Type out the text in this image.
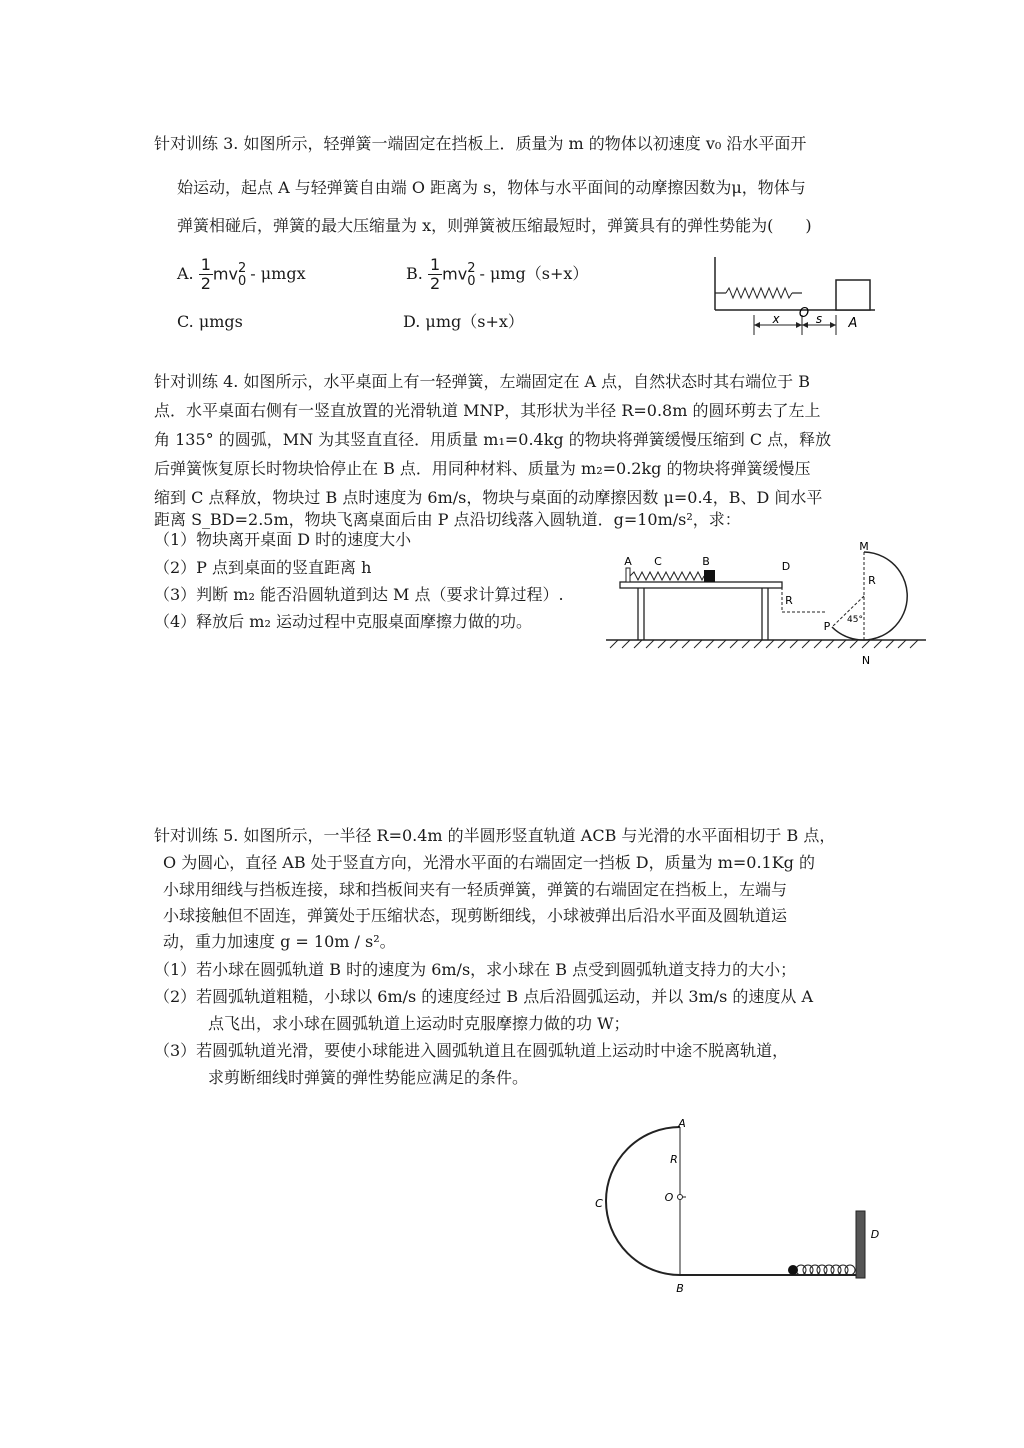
针对训练 3. 如图所示，轻弹簧一端固定在挡板上．质量为 m 的物体以初速度 v₀ 沿水平面开
始运动，起点 A 与轻弹簧自由端 O 距离为 s，物体与水平面间的动摩擦因数为μ，物体与
弹簧相碰后，弹簧的最大压缩量为 x，则弹簧被压缩最短时，弹簧具有的弹性势能为(　　)
A. $\frac{1}{2}$ mv 2
0 - μmgx	B. $\frac{1}{2}$ mv 2
0 - μmg（s+x）
C. μmgs	D. μmg（s+x）	x O s A
针对训练 4. 如图所示，水平桌面上有一轻弹簧，左端固定在 A 点，自然状态时其右端位于 B
点．水平桌面右侧有一竖直放置的光滑轨道 MNP，其形状为半径 R=0.8m 的圆环剪去了左上
角 135° 的圆弧，MN 为其竖直直径．用质量 m₁=0.4kg 的物块将弹簧缓慢压缩到 C 点，释放
后弹簧恢复原长时物块恰停止在 B 点．用同种材料、质量为 m₂=0.2kg 的物块将弹簧缓慢压
缩到 C 点释放，物块过 B 点时速度为 6m/s，物块与桌面的动摩擦因数 μ=0.4，B、D 间水平
距离 S_BD=2.5m，物块飞离桌面后由 P 点沿切线落入圆轨道．g=10m/s²，求：
（1）物块离开桌面 D 时的速度大小
（2）P 点到桌面的竖直距离 h
（3）判断 m₂ 能否沿圆轨道到达 M 点（要求计算过程）.
（4）释放后 m₂ 运动过程中克服桌面摩擦力做的功。
A C	B	D
R
M
R
P 45°
N
针对训练 5. 如图所示，一半径 R=0.4m 的半圆形竖直轨道 ACB 与光滑的水平面相切于 B 点，
O 为圆心，直径 AB 处于竖直方向，光滑水平面的右端固定一挡板 D，质量为 m=0.1Kg 的
小球用细线与挡板连接，球和挡板间夹有一轻质弹簧，弹簧的右端固定在挡板上，左端与
小球接触但不固连，弹簧处于压缩状态，现剪断细线，小球被弹出后沿水平面及圆轨道运
动，重力加速度 g = 10m / s²。
（1）若小球在圆弧轨道 B 时的速度为 6m/s，求小球在 B 点受到圆弧轨道支持力的大小；
（2）若圆弧轨道粗糙，小球以 6m/s 的速度经过 B 点后沿圆弧运动，并以 3m/s 的速度从 A
点飞出，求小球在圆弧轨道上运动时克服摩擦力做的功 W；
（3）若圆弧轨道光滑，要使小球能进入圆弧轨道且在圆弧轨道上运动时中途不脱离轨道，
求剪断细线时弹簧的弹性势能应满足的条件。
A
R
O
C
B
D
